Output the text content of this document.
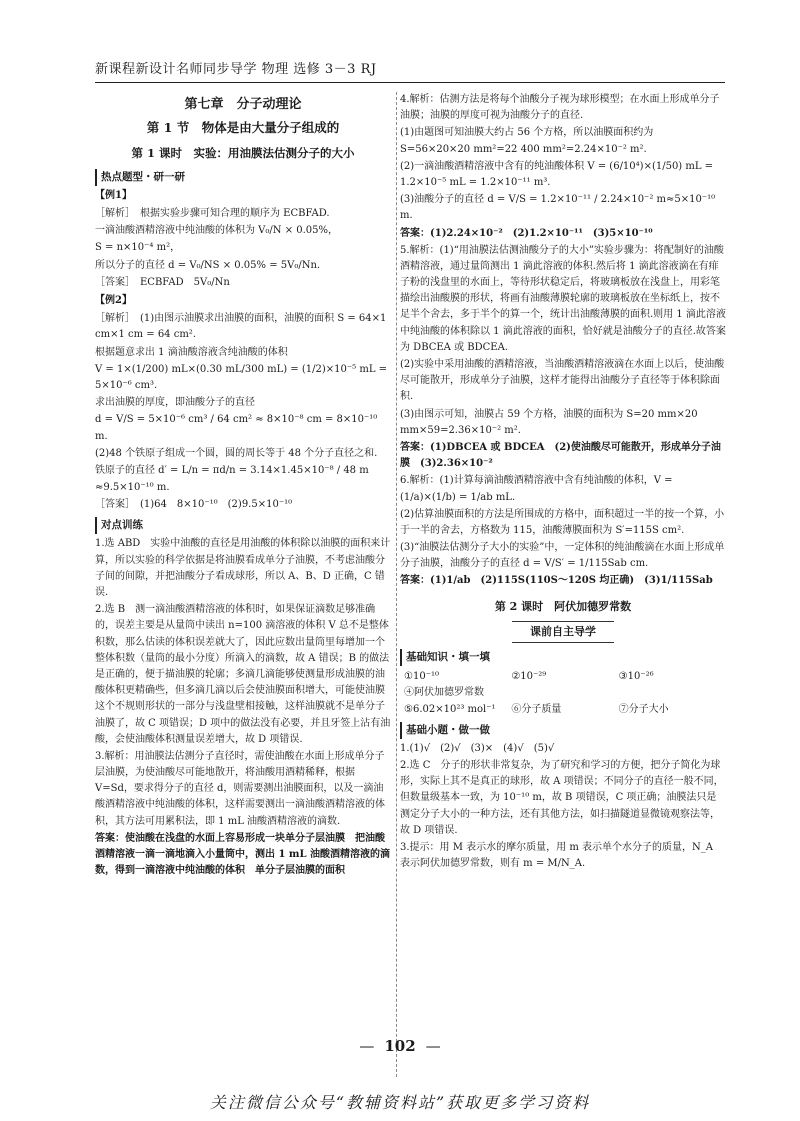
新课程新设计名师同步导学 物理 选修 3－3 RJ
第七章　分子动理论
第 1 节　物体是由大量分子组成的
第 1 课时　实验：用油膜法估测分子的大小
热点题型・研一研
【例1】
［解析］　根据实验步骤可知合理的顺序为 ECBFAD.
一滴油酸酒精溶液中纯油酸的体积为 V₀/N × 0.05%，
S = n×10⁻⁴ m²，
所以分子的直径 d = V₀/NS × 0.05% = 5V₀/Nn.
［答案］　ECBFAD　5V₀/Nn
【例2】
［解析］　(1)由图示油膜求出油膜的面积，油膜的面积 S = 64×1 cm×1 cm = 64 cm².
根据题意求出 1 滴油酸溶液含纯油酸的体积
V = 1×(1/200) mL×(0.30 mL/300 mL) = (1/2)×10⁻⁵ mL = 5×10⁻⁶ cm³.
求出油膜的厚度，即油酸分子的直径
d = V/S = 5×10⁻⁶ cm³ / 64 cm² ≈ 8×10⁻⁸ cm = 8×10⁻¹⁰ m.
(2)48 个铁原子组成一个圆，圆的周长等于 48 个分子直径之和.
铁原子的直径 d′ = L/n = πd/n = 3.14×1.45×10⁻⁸ / 48 m
≈9.5×10⁻¹⁰ m.
［答案］　(1)64　8×10⁻¹⁰　(2)9.5×10⁻¹⁰
对点训练
1.选 ABD　实验中油酸的直径是用油酸的体积除以油膜的面积来计算，所以实验的科学依据是将油膜看成单分子油膜，不考虑油酸分子间的间隙，并把油酸分子看成球形，所以 A、B、D 正确，C 错误.
2.选 B　测一滴油酸酒精溶液的体积时，如果保证滴数足够准确的，误差主要是从量筒中读出 n=100 滴溶液的体积 V 总不是整体积数，那么估读的体积误差就大了，因此应数出量筒里每增加一个整体积数（量筒的最小分度）所滴入的滴数，故 A 错误；B 的做法是正确的，便于描油膜的轮廓；多滴几滴能够使测量形成油膜的油酸体积更精确些，但多滴几滴以后会使油膜面积增大，可能使油膜这个不规则形状的一部分与浅盘壁相接触，这样油膜就不是单分子油膜了，故 C 项错误；D 项中的做法没有必要，并且牙签上沾有油酸，会使油酸体积测量误差增大，故 D 项错误.
3.解析：用油膜法估测分子直径时，需使油酸在水面上形成单分子层油膜，为使油酸尽可能地散开，将油酸用酒精稀释，根据 V=Sd，要求得分子的直径 d，则需要测出油膜面积，以及一滴油酸酒精溶液中纯油酸的体积，这样需要测出一滴油酸酒精溶液的体积，其方法可用累积法，即 1 mL 油酸酒精溶液的滴数.
答案：使油酸在浅盘的水面上容易形成一块单分子层油膜　把油酸酒精溶液一滴一滴地滴入小量筒中，测出 1 mL 油酸酒精溶液的滴数，得到一滴溶液中纯油酸的体积　单分子层油膜的面积
4.解析：估测方法是将每个油酸分子视为球形模型；在水面上形成单分子油膜；油膜的厚度可视为油酸分子的直径.
(1)由题图可知油膜大约占 56 个方格，所以油膜面积约为 S=56×20×20 mm²=22 400 mm²=2.24×10⁻² m².
(2)一滴油酸酒精溶液中含有的纯油酸体积 V = (6/10⁴)×(1/50) mL = 1.2×10⁻⁵ mL = 1.2×10⁻¹¹ m³.
(3)油酸分子的直径 d = V/S = 1.2×10⁻¹¹ / 2.24×10⁻² m≈5×10⁻¹⁰ m.
答案：(1)2.24×10⁻²　(2)1.2×10⁻¹¹　(3)5×10⁻¹⁰
5.解析：(1)“用油膜法估测油酸分子的大小”实验步骤为：将配制好的油酸酒精溶液，通过量筒测出 1 滴此溶液的体积.然后将 1 滴此溶液滴在有痱子粉的浅盘里的水面上，等待形状稳定后，将玻璃板放在浅盘上，用彩笔描绘出油酸膜的形状，将画有油酸薄膜轮廓的玻璃板放在坐标纸上，按不足半个舍去，多于半个的算一个，统计出油酸薄膜的面积.则用 1 滴此溶液中纯油酸的体积除以 1 滴此溶液的面积，恰好就是油酸分子的直径.故答案为 DBCEA 或 BDCEA.
(2)实验中采用油酸的酒精溶液，当油酸酒精溶液滴在水面上以后，使油酸尽可能散开，形成单分子油膜，这样才能得出油酸分子直径等于体积除面积.
(3)由图示可知，油膜占 59 个方格，油膜的面积为 S=20 mm×20 mm×59=2.36×10⁻² m².
答案：(1)DBCEA 或 BDCEA　(2)使油酸尽可能散开，形成单分子油膜　(3)2.36×10⁻²
6.解析：(1)计算每滴油酸酒精溶液中含有纯油酸的体积，V = (1/a)×(1/b) = 1/ab mL.
(2)估算油膜面积的方法是所围成的方格中，面积超过一半的按一个算，小于一半的舍去，方格数为 115，油酸薄膜面积为 S′=115S cm².
(3)“油膜法估测分子大小的实验”中，一定体积的纯油酸滴在水面上形成单分子油膜，油酸分子的直径 d = V/S′ = 1/115Sab cm.
答案：(1)1/ab　(2)115S(110S～120S 均正确)　(3)1/115Sab
第 2 课时　阿伏加德罗常数
课前自主导学
基础知识・填一填
①10⁻¹⁰	②10⁻²⁹	③10⁻²⁶
④阿伏加德罗常数
⑤6.02×10²³ mol⁻¹	⑥分子质量	⑦分子大小
基础小题・做一做
1.(1)√　(2)√　(3)×　(4)√　(5)√
2.选 C　分子的形状非常复杂，为了研究和学习的方便，把分子简化为球形，实际上其不是真正的球形，故 A 项错误；不同分子的直径一般不同，但数量级基本一致，为 10⁻¹⁰ m，故 B 项错误，C 项正确；油膜法只是测定分子大小的一种方法，还有其他方法，如扫描隧道显微镜观察法等，故 D 项错误.
3.提示：用 M 表示水的摩尔质量，用 m 表示单个水分子的质量，N_A 表示阿伏加德罗常数，则有 m = M/N_A.
— 102 —
关注微信公众号“教辅资料站”获取更多学习资料
